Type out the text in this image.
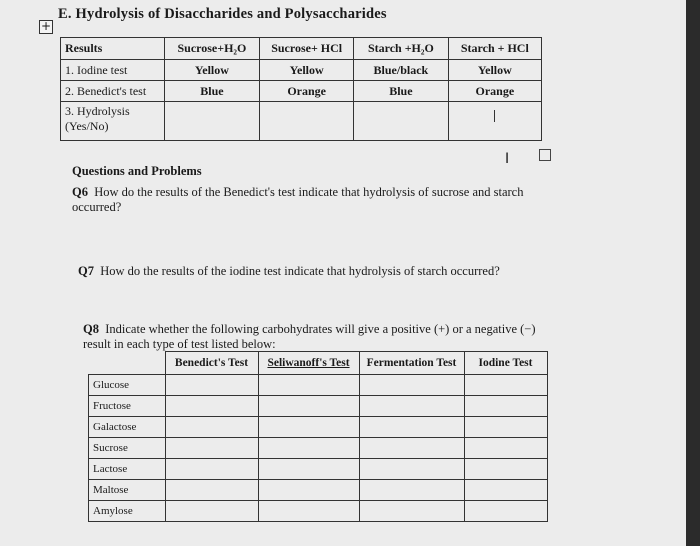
+
E. Hydrolysis of Disaccharides and Polysaccharides
Results	Sucrose+H₂O	Sucrose+ HCl	Starch +H₂O	Starch + HCl
1. Iodine test	Yellow	Yellow	Blue/black	Yellow
2. Benedict's test	Blue	Orange	Blue	Orange
3. Hydrolysis (Yes/No)				
Questions and Problems
I
Q6 How do the results of the Benedict's test indicate that hydrolysis of sucrose and starch occurred?
Q7 How do the results of the iodine test indicate that hydrolysis of starch occurred?
Q8 Indicate whether the following carbohydrates will give a positive (+) or a negative (−) result in each type of test listed below:
	Benedict's Test	Seliwanoff's Test	Fermentation Test	Iodine Test
Glucose				
Fructose				
Galactose				
Sucrose				
Lactose				
Maltose				
Amylose				
